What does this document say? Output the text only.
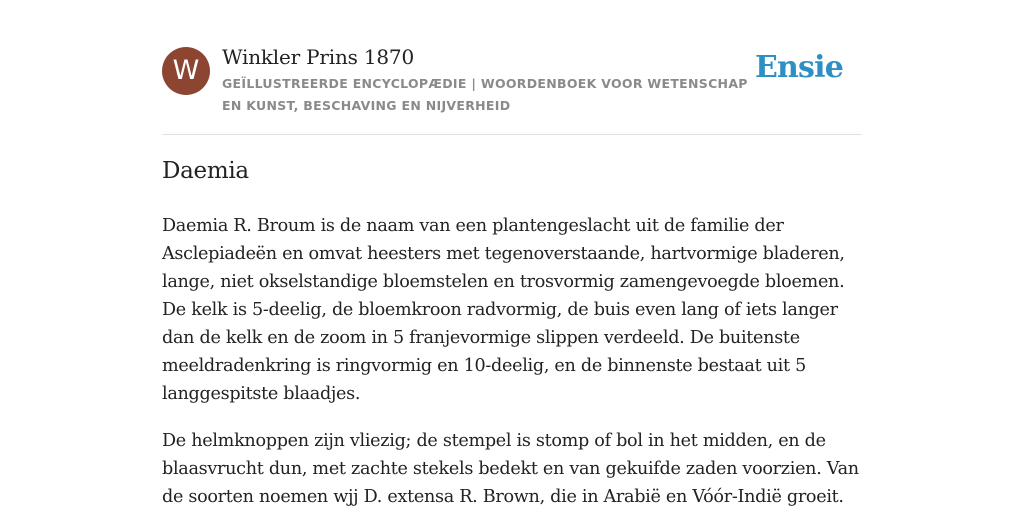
W	Winkler Prins 1870
GEÏLLUSTREERDE ENCYCLOPÆDIE | WOORDENBOEK VOOR WETENSCHAP EN KUNST, BESCHAVING EN NIJVERHEID
Ensie
Daemia

Daemia R. Broum is de naam van een plantengeslacht uit de familie der Asclepiadeën en omvat heesters met tegenoverstaande, hartvormige bladeren, lange, niet okselstandige bloemstelen en trosvormig zamengevoegde bloemen. De kelk is 5-deelig, de bloemkroon radvormig, de buis even lang of iets langer dan de kelk en de zoom in 5 franjevormige slippen verdeeld. De buitenste meeldradenkring is ringvormig en 10-deelig, en de binnenste bestaat uit 5 langgespitste blaadjes.

De helmknoppen zijn vliezig; de stempel is stomp of bol in het midden, en de blaasvrucht dun, met zachte stekels bedekt en van gekuifde zaden voorzien. Van de soorten noemen wjj D. extensa R. Brown, die in Arabië en Vóór-Indië groeit.
